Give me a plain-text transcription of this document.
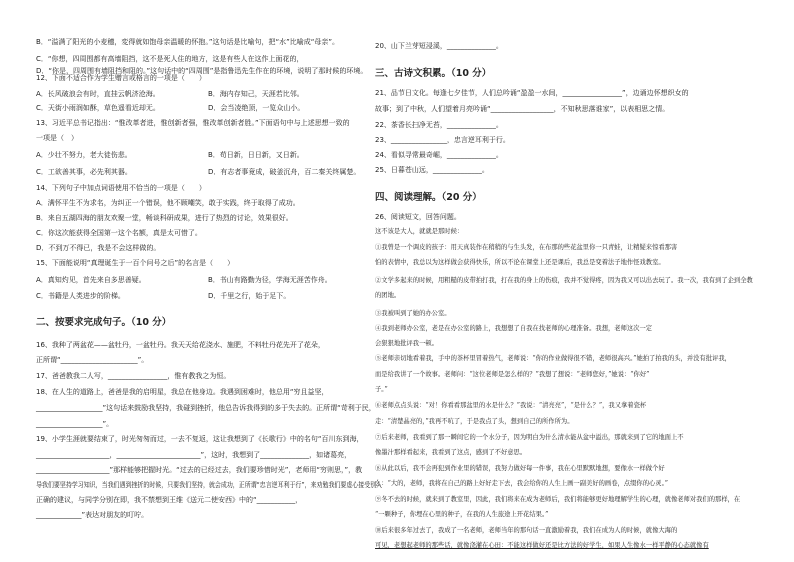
B．“溢满了阳光的小麦穗，変得就如饱母亲温暖的怀抱。”这句话是比喻句，把“水”比喻成“母亲”。
C．“你想，四周围都有高墙阻挡，这不是死人住的地方，这是有些人在这作上面花的，
D．“你是，四周围有墙阻挡和阻的。”这句话中的“四周围”是指鲁迅先生作在的环境，说明了那时候的环境。
12、下面不适合作为学生赠言或格言的一项是（　　）
A．长风破浪会有时，直挂云帆济沧海。	B．海内存知己，天涯若比邻。
C．天街小雨润如酥，草色遥看近却无。	D．会当凌绝顶，一览众山小。
13、习近平总书记指出：“惟改革者进，惟创新者强，惟改革创新者胜。”下面语句中与上述思想一致的
一项是（　）
A．少壮不努力，老大徒伤悲。	B．苟日新，日日新，又日新。
C．工欲善其事，必先利其器。	D．有志者事竟成，破釜沉舟，百二秦关终属楚。
14、下列句子中加点词语使用不恰当的一项是（　　）
A．满怀平生不为求名，为纠正一个错误，他不顾嘲笑，敢于实践，终于取得了成功。
B．来自五湖四海的朋友欢聚一堂，畅谈科研成果，进行了热烈的讨论，效果很好。
C．你这次能获得全国第一这个名额，真是太可惜了。
D．不到万不得已，我是不会这样做的。
15、下面能说明“真理诞生于一百个问号之后”的名言是（　　）
A．真知灼见，首先来自多思善疑。	B．书山有路勤为径，学海无涯苦作舟。
C．书籍是人类进步的阶梯。	D．千里之行，始于足下。
二、按要求完成句子。（10 分）
16、我种了两盆花——盆牡丹，一盆牡丹。我天天给花浇水、施肥，不料牡丹花先开了花朵，
正所谓“______________________”。
17、爸爸教我二人写，_________________，惟有教我之为恒。
18、在人生的道路上，爸爸是我的启明星，我总在他身边。我遇到困难时，他总用“穷且益坚，
___________________”这句话来鼓励我坚持，我碰到挫折，他总告诉我得到的多于失去的。正所谓“苛利于民，
___________________”。
19、小学生涯就要结束了，时光匆匆而过，一去不复返，这让我想到了《长歌行》中的名句“百川东到海，
_____________________，________________________”，这时，我想到了______________，如诸葛亮，
_____________________”那样能够把握时光。“过去的已经过去，我们要珍惜时光”，老师用“穷则思，”，教
导我们要坚持学习知识，当我们遇到挫折的时候，只要我们坚持，就会成功，正所谓“忠言逆耳利于行”，来劝勉我们要虚心接受别人
正确的建议，与同学分别在即，我不禁想到王维《送元二使安西》中的“___________，
_____________”表达对朋友的叮咛。
20、山下兰芽短浸溪，______________。
三、古诗文积累。（10 分）
21、品节日文化。每逢七夕佳节，人们总吟诵“盈盈一水间，_________________”，边诵边怀想织女的
故事；到了中秋，人们望着月亮吟诵“__________________，不知秋思落谁家”，以表相思之情。
22、茶香长扫净无苔，______________。
23、________________，忠言逆耳利于行。
24、看似寻常最奇崛，______________。
25、日暮苍山远，______________。
四、阅读理解。（20 分）
26、阅读短文，回答问题。
这不该是大人，就就是那时候：
①我曾是一个调皮的孩子：用天真装作在稍稍的与生头发，在布那的些花盆里你一只青蛙，让精疑来惊看那害
怕的表情中，我总以为这样做会获得快乐，所以不论在课堂上还是课后，我总是变着法子地作怪戏教室。
②文学多起来的时候，用粗糙的皮带拍打我，打在我的身上的伤痕，我并不觉得疼，因为我又可以出去玩了。我一次，我有到了企到全教
的团地。
③我被叫到了她的办公室。
④我到老师办公室，老是在办公室的路上，我想想了自我在找老师的心理准备。我想，老师这次一定
会狠狠地批评我一顿。
⑤老师亲切地看着我，手中的茶杯里冒着热气，老师说：“你的作业做得很不错，老师很高兴。”她拍了拍我的头，并没有批评我，
而是给我讲了一个故事。老师问：“这位老师是怎么样的？”我想了想说：“老师您好，”她说：“你好”
子。”
⑥老师点点头说：“对！你看看那盆里的水是什么？”我说：“清亮亮”，“是什么？”，我又拿着瓷杯
走：“清楚晶亮的，”我再不吭了，于是我点了头，想到自己的所作所为。
⑦后来老师，我看到了那一瞬间它的一个水分子，因为明白为什么清水能从盆中溢出，那就来到了它的地面上不
像墨汁那样看起来，我看到了这点，感到了不好意思。
⑧从此以后，我不会再犯到作业里的错误，我努力做好每一件事，我在心里默默地想，要像水一样做个好
么：“大的，老师，我将在自己的路上好好走下去，我会给你的人生上画一副美好的画卷，点缀你的心灵。”
⑨冬不去的时候，就来到了教室里，因此，我们将来在成为老师后，我们将能够更好地理解学生的心理，就像老师对我们的那样，在
“一颗种子，你埋在心里的种子，在我的人生旅途上开花结果。”
⑩后来很多年过去了，我成了一名老师，老师当年的那句话一直激励着我，我们在成为人的时候，就像大海的
可见，老想起老师的那些话，就像浇灌在心田：不能这样做好还是比方法的好学生，如果人生像水一样平静的心态就像有
